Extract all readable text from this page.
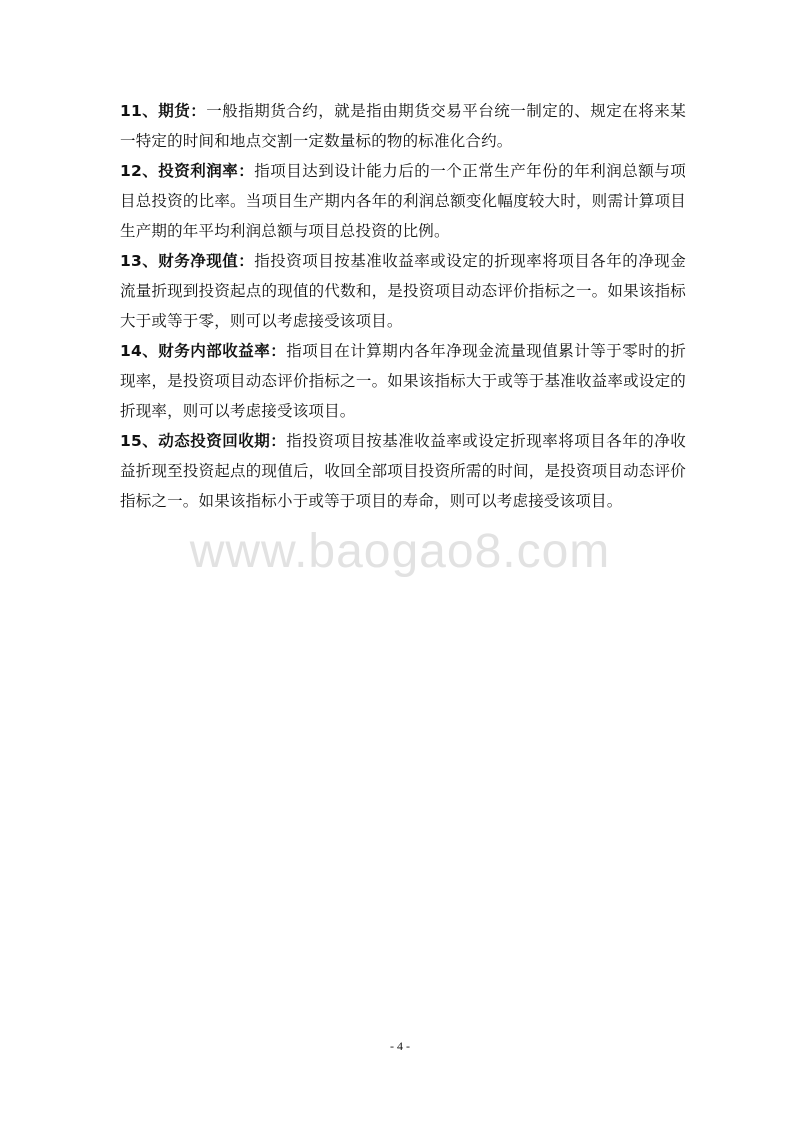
11、期货：一般指期货合约，就是指由期货交易平台统一制定的、规定在将来某一特定的时间和地点交割一定数量标的物的标准化合约。

12、投资利润率：指项目达到设计能力后的一个正常生产年份的年利润总额与项目总投资的比率。当项目生产期内各年的利润总额变化幅度较大时，则需计算项目生产期的年平均利润总额与项目总投资的比例。

13、财务净现值：指投资项目按基准收益率或设定的折现率将项目各年的净现金流量折现到投资起点的现值的代数和，是投资项目动态评价指标之一。如果该指标大于或等于零，则可以考虑接受该项目。

14、财务内部收益率：指项目在计算期内各年净现金流量现值累计等于零时的折现率，是投资项目动态评价指标之一。如果该指标大于或等于基准收益率或设定的折现率，则可以考虑接受该项目。

15、动态投资回收期：指投资项目按基准收益率或设定折现率将项目各年的净收益折现至投资起点的现值后，收回全部项目投资所需的时间，是投资项目动态评价指标之一。如果该指标小于或等于项目的寿命，则可以考虑接受该项目。

www.baogao8.com
- 4 -
